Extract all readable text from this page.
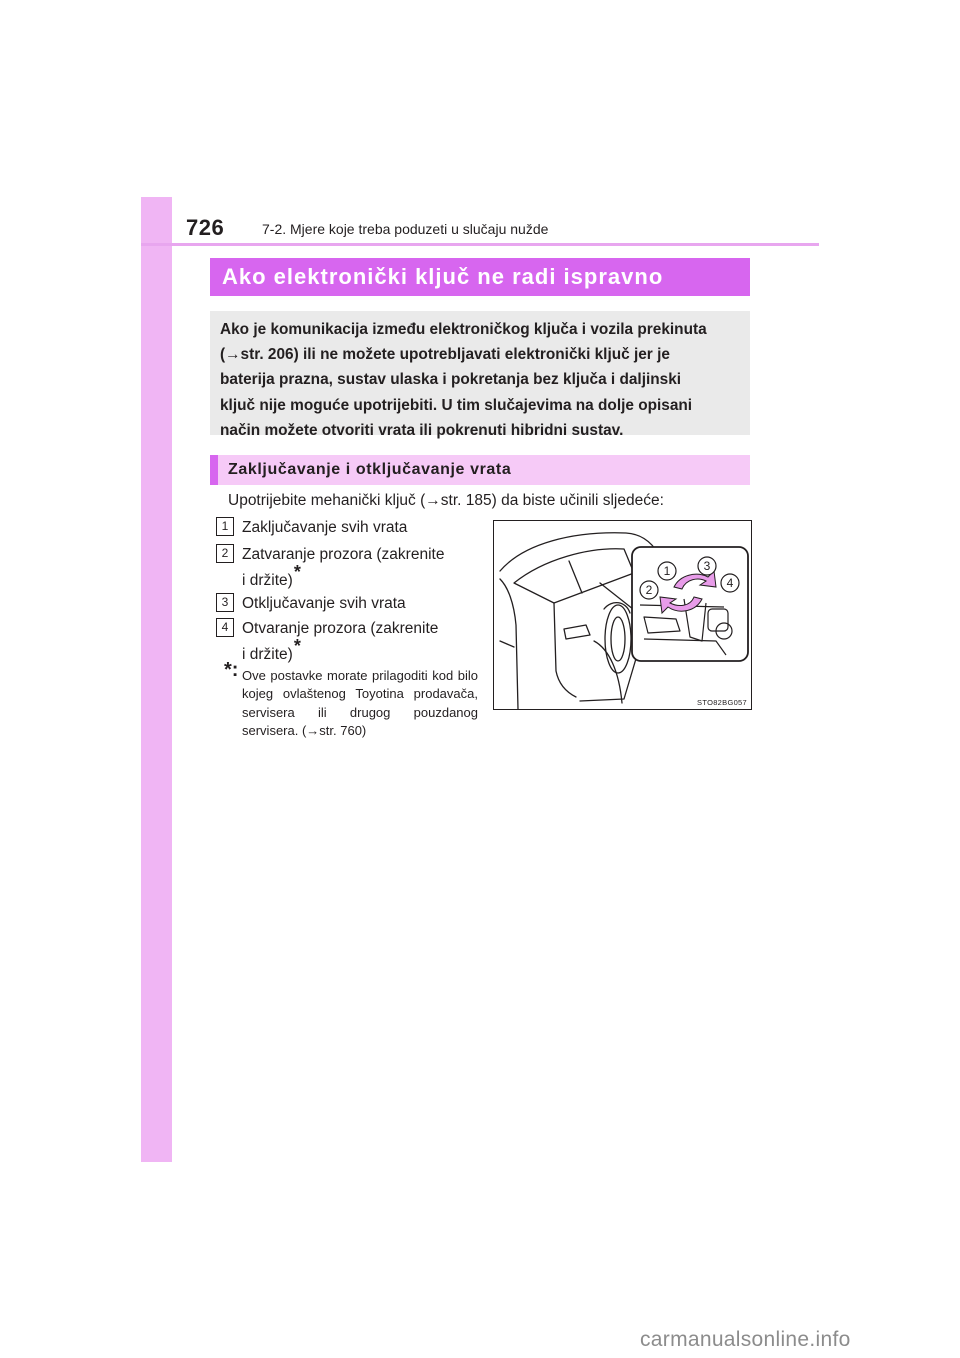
726	7-2. Mjere koje treba poduzeti u slučaju nužde
Ako elektronički ključ ne radi ispravno
Ako je komunikacija između elektroničkog ključa i vozila prekinuta
(→str. 206) ili ne možete upotrebljavati elektronički ključ jer je
baterija prazna, sustav ulaska i pokretanja bez ključa i daljinski
ključ nije moguće upotrijebiti. U tim slučajevima na dolje opisani
način možete otvoriti vrata ili pokrenuti hibridni sustav.
Zaključavanje i otključavanje vrata
Upotrijebite mehanički ključ (→str. 185) da biste učinili sljedeće:
1 Zaključavanje svih vrata
2 Zatvaranje prozora (zakrenite
i držite)*
3 Otključavanje svih vrata
4 Otvaranje prozora (zakrenite
i držite)*
*: Ove postavke morate prilagoditi kod bilo kojeg ovlaštenog Toyotina prodavača, servisera ili drugog pouzdanog servisera. (→str. 760)
1
2
3
4
STO82BG057
carmanualsonline.info
